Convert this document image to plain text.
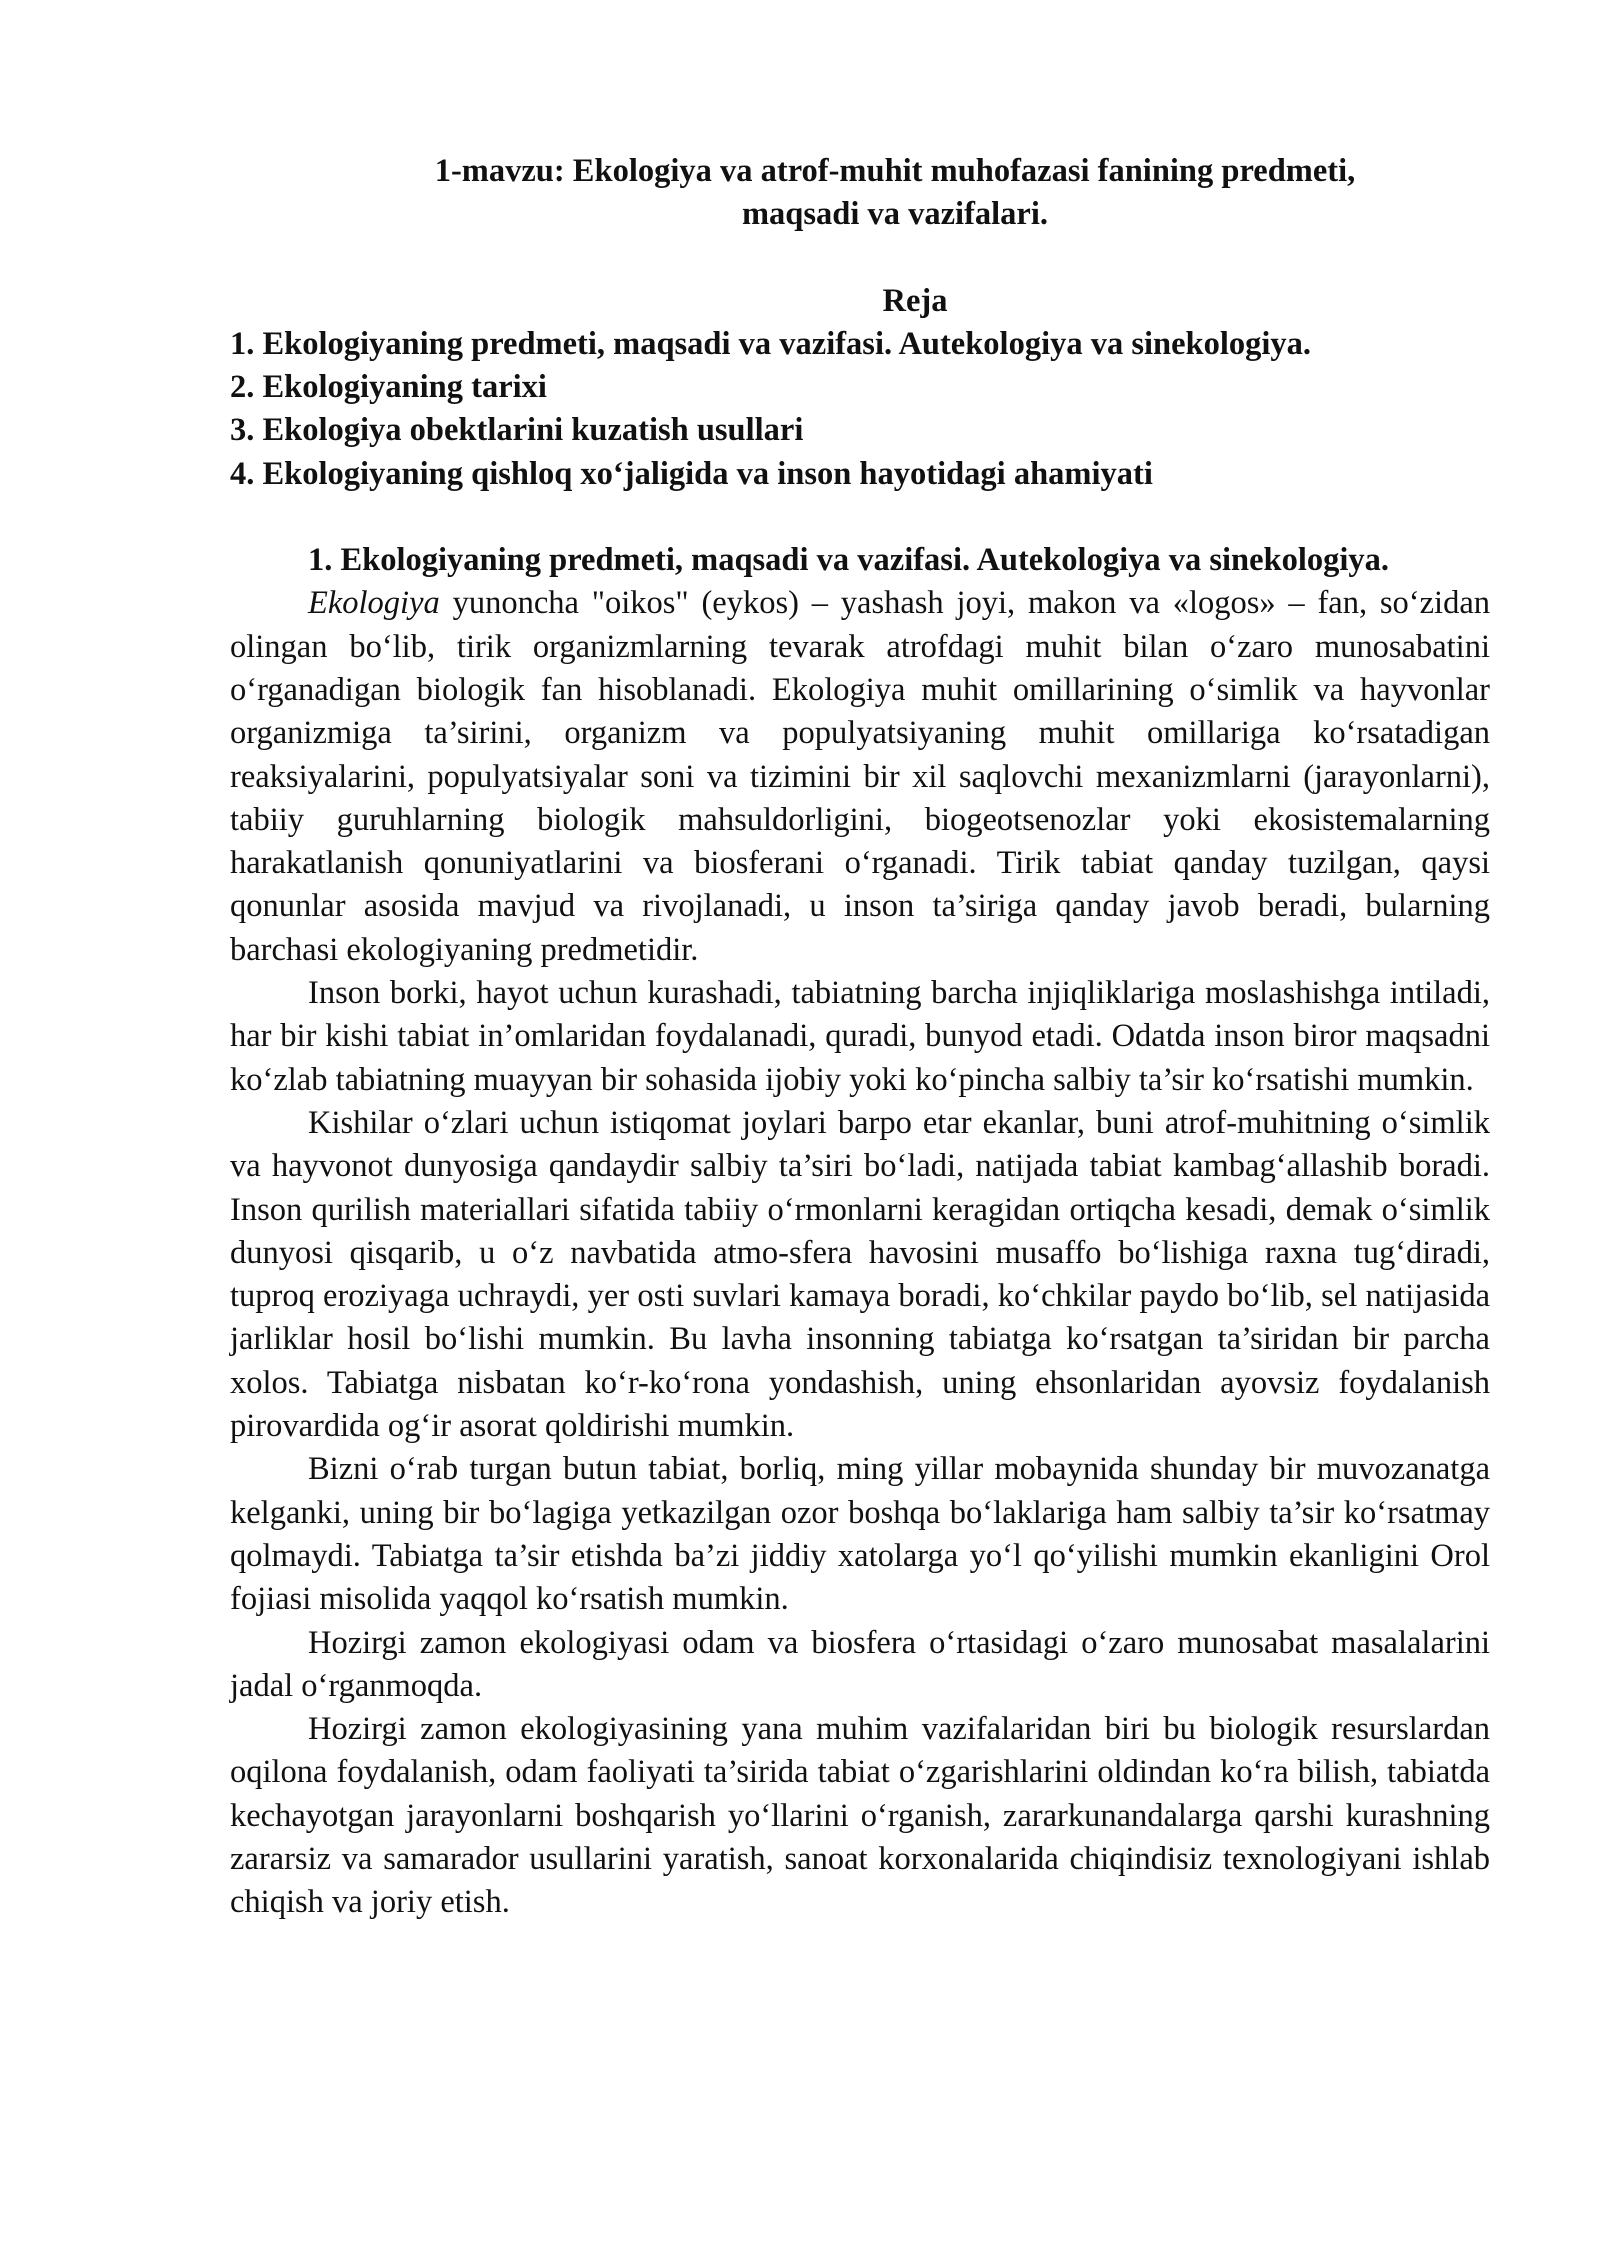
1-mavzu: Ekologiya va atrof-muhit muhofazasi fanining predmeti,
maqsadi va vazifalari.
Reja
1. Ekologiyaning predmeti, maqsadi va vazifasi. Autekologiya va sinekologiya.
2. Ekologiyaning tarixi
3. Ekologiya obektlarini kuzatish usullari
4. Ekologiyaning qishloq xo‘jaligida va inson hayotidagi ahamiyati
1. Ekologiyaning predmeti, maqsadi va vazifasi. Autekologiya va sinekologiya.

Ekologiya yunoncha "oikos" (eykos) – yashash joyi, makon va «logos» – fan, so‘zidan olingan bo‘lib, tirik organizmlarning tevarak atrofdagi muhit bilan o‘zaro munosabatini o‘rganadigan biologik fan hisoblanadi. Ekologiya muhit omillarining o‘simlik va hayvonlar organizmiga ta’sirini, organizm va populyatsiyaning muhit omillariga ko‘rsatadigan reaksiyalarini, populyatsiyalar soni va tizimini bir xil saqlovchi mexanizmlarni (jarayonlarni), tabiiy guruhlarning biologik mahsuldorligini, biogeotsenozlar yoki ekosistemalarning harakatlanish qonuniyatlarini va biosferani o‘rganadi. Tirik tabiat qanday tuzilgan, qaysi qonunlar asosida mavjud va rivojlanadi, u inson ta’siriga qanday javob beradi, bularning barchasi ekologiyaning predmetidir.

Inson borki, hayot uchun kurashadi, tabiatning barcha injiqliklariga moslashishga intiladi, har bir kishi tabiat in’omlaridan foydalanadi, quradi, bunyod etadi. Odatda inson biror maqsadni ko‘zlab tabiatning muayyan bir sohasida ijobiy yoki ko‘pincha salbiy ta’sir ko‘rsatishi mumkin.

Kishilar o‘zlari uchun istiqomat joylari barpo etar ekanlar, buni atrof-muhitning o‘simlik va hayvonot dunyosiga qandaydir salbiy ta’siri bo‘ladi, natijada tabiat kambag‘allashib boradi. Inson qurilish materiallari sifatida tabiiy o‘rmonlarni keragidan ortiqcha kesadi, demak o‘simlik dunyosi qisqarib, u o‘z navbatida atmo-sfera havosini musaffo bo‘lishiga raxna tug‘diradi, tuproq eroziyaga uchraydi, yer osti suvlari kamaya boradi, ko‘chkilar paydo bo‘lib, sel natijasida jarliklar hosil bo‘lishi mumkin. Bu lavha insonning tabiatga ko‘rsatgan ta’siridan bir parcha xolos. Tabiatga nisbatan ko‘r-ko‘rona yondashish, uning ehsonlaridan ayovsiz foydalanish pirovardida og‘ir asorat qoldirishi mumkin.

Bizni o‘rab turgan butun tabiat, borliq, ming yillar mobaynida shunday bir muvozanatga kelganki, uning bir bo‘lagiga yetkazilgan ozor boshqa bo‘laklariga ham salbiy ta’sir ko‘rsatmay qolmaydi. Tabiatga ta’sir etishda ba’zi jiddiy xatolarga yo‘l qo‘yilishi mumkin ekanligini Orol fojiasi misolida yaqqol ko‘rsatish mumkin.

Hozirgi zamon ekologiyasi odam va biosfera o‘rtasidagi o‘zaro munosabat masalalarini jadal o‘rganmoqda.

Hozirgi zamon ekologiyasining yana muhim vazifalaridan biri bu biologik resurslardan oqilona foydalanish, odam faoliyati ta’sirida tabiat o‘zgarishlarini oldindan ko‘ra bilish, tabiatda kechayotgan jarayonlarni boshqarish yo‘llarini o‘rganish, zararkunandalarga qarshi kurashning zararsiz va samarador usullarini yaratish, sanoat korxonalarida chiqindisiz texnologiyani ishlab chiqish va joriy etish.
